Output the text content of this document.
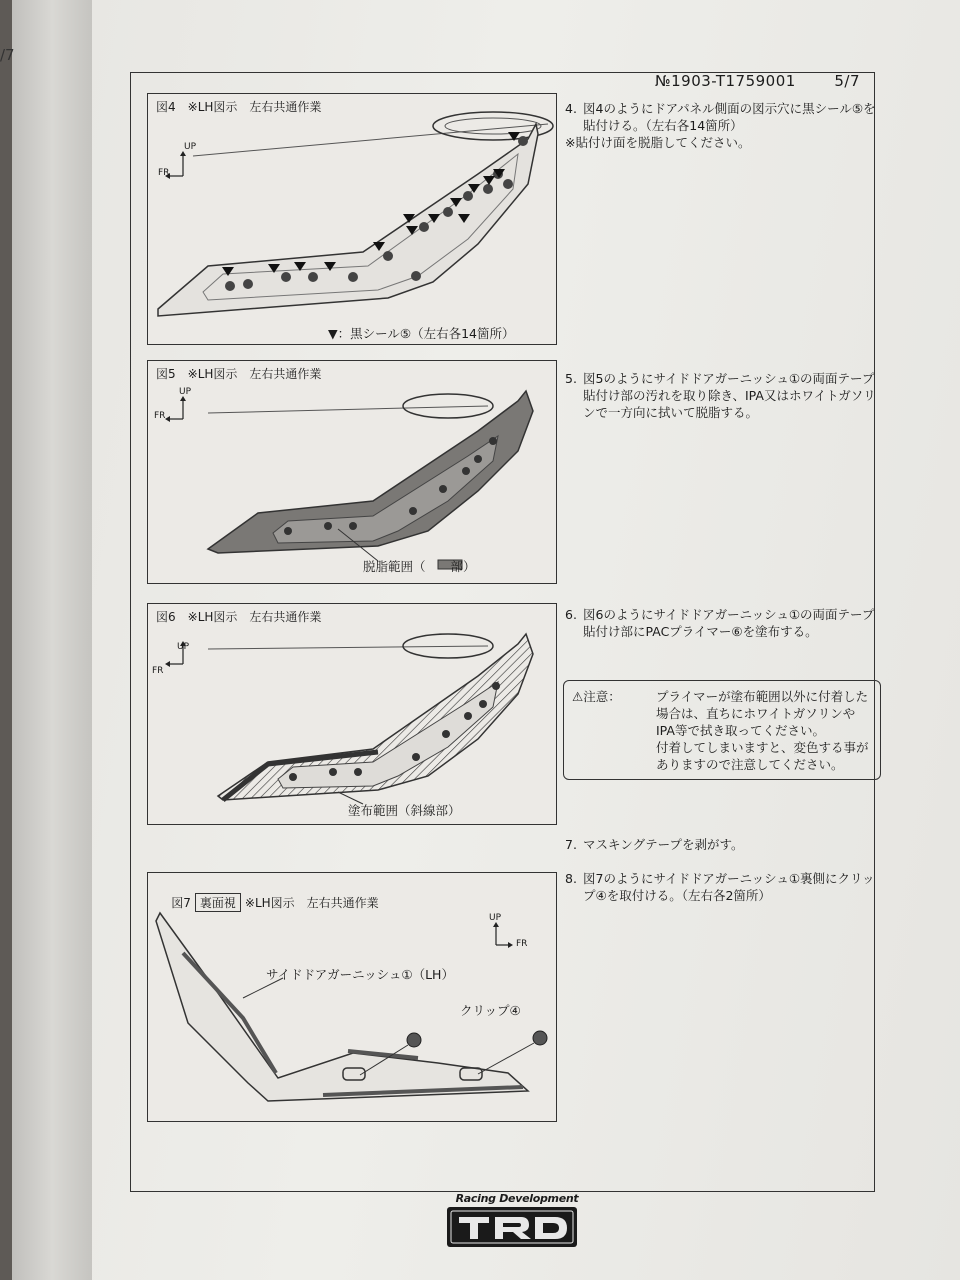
/7
№1903-T1759001	5/7
図4　※LH図示　左右共通作業
UP
FR
▼：黒シール⑤（左右各14箇所）
図5　※LH図示　左右共通作業
UP
FR
脱脂範囲（　　部）
図6　※LH図示　左右共通作業
UP
FR
塗布範囲（斜線部）

図7 裏面視 ※LH図示　左右共通作業

UP
FR
サイドドアガーニッシュ①（LH）
クリップ④
4. 図4のようにドアパネル側面の図示穴に黒シール⑤を貼付ける。（左右各14箇所）
※貼付け面を脱脂してください。
5. 図5のようにサイドドアガーニッシュ①の両面テープ貼付け部の汚れを取り除き、IPA又はホワイトガソリンで一方向に拭いて脱脂する。
6. 図6のようにサイドドアガーニッシュ①の両面テープ貼付け部にPACプライマー⑥を塗布する。
⚠注意：	プライマーが塗布範囲以外に付着した場合は、直ちにホワイトガソリンやIPA等で拭き取ってください。
付着してしまいますと、変色する事がありますので注意してください。
7. マスキングテープを剥がす。
8. 図7のようにサイドドアガーニッシュ①裏側にクリップ④を取付ける。（左右各2箇所）
Racing Development
